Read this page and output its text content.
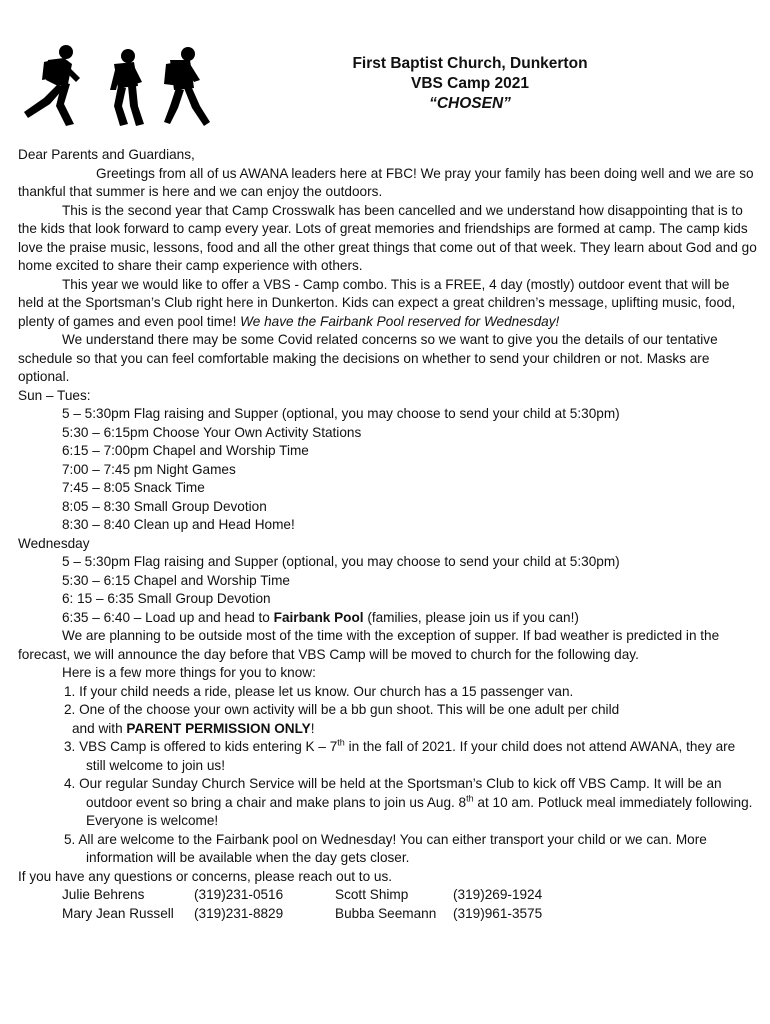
First Baptist Church, Dunkerton
VBS Camp 2021
“CHOSEN”

Dear Parents and Guardians,

Greetings from all of us AWANA leaders here at FBC! We pray your family has been doing well and we are so thankful that summer is here and we can enjoy the outdoors.

This is the second year that Camp Crosswalk has been cancelled and we understand how disappointing that is to the kids that look forward to camp every year. Lots of great memories and friendships are formed at camp. The camp kids love the praise music, lessons, food and all the other great things that come out of that week. They learn about God and go home excited to share their camp experience with others.

This year we would like to offer a VBS - Camp combo. This is a FREE, 4 day (mostly) outdoor event that will be held at the Sportsman’s Club right here in Dunkerton. Kids can expect a great children’s message, uplifting music, food, plenty of games and even pool time! We have the Fairbank Pool reserved for Wednesday!

We understand there may be some Covid related concerns so we want to give you the details of our tentative schedule so that you can feel comfortable making the decisions on whether to send your children or not. Masks are optional.

Sun – Tues:

5 – 5:30pm Flag raising and Supper (optional, you may choose to send your child at 5:30pm)

5:30 – 6:15pm Choose Your Own Activity Stations

6:15 – 7:00pm Chapel and Worship Time

7:00 – 7:45 pm Night Games

7:45 – 8:05 Snack Time

8:05 – 8:30 Small Group Devotion

8:30 – 8:40 Clean up and Head Home!

Wednesday

5 – 5:30pm Flag raising and Supper (optional, you may choose to send your child at 5:30pm)

5:30 – 6:15 Chapel and Worship Time

6: 15 – 6:35 Small Group Devotion

6:35 – 6:40 – Load up and head to Fairbank Pool (families, please join us if you can!)

We are planning to be outside most of the time with the exception of supper. If bad weather is predicted in the forecast, we will announce the day before that VBS Camp will be moved to church for the following day.

Here is a few more things for you to know:

1. If your child needs a ride, please let us know. Our church has a 15 passenger van.

2. One of the choose your own activity will be a bb gun shoot. This will be one adult per child

and with PARENT PERMISSION ONLY!

3. VBS Camp is offered to kids entering K – 7th in the fall of 2021. If your child does not attend AWANA, they are still welcome to join us!

4. Our regular Sunday Church Service will be held at the Sportsman’s Club to kick off VBS Camp. It will be an outdoor event so bring a chair and make plans to join us Aug. 8th at 10 am. Potluck meal immediately following. Everyone is welcome!

5. All are welcome to the Fairbank pool on Wednesday! You can either transport your child or we can. More information will be available when the day gets closer.

If you have any questions or concerns, please reach out to us.

Julie Behrens	(319)231-0516	Scott Shimp	(319)269-1924

Mary Jean Russell (319)231-8829	Bubba Seemann (319)961-3575
